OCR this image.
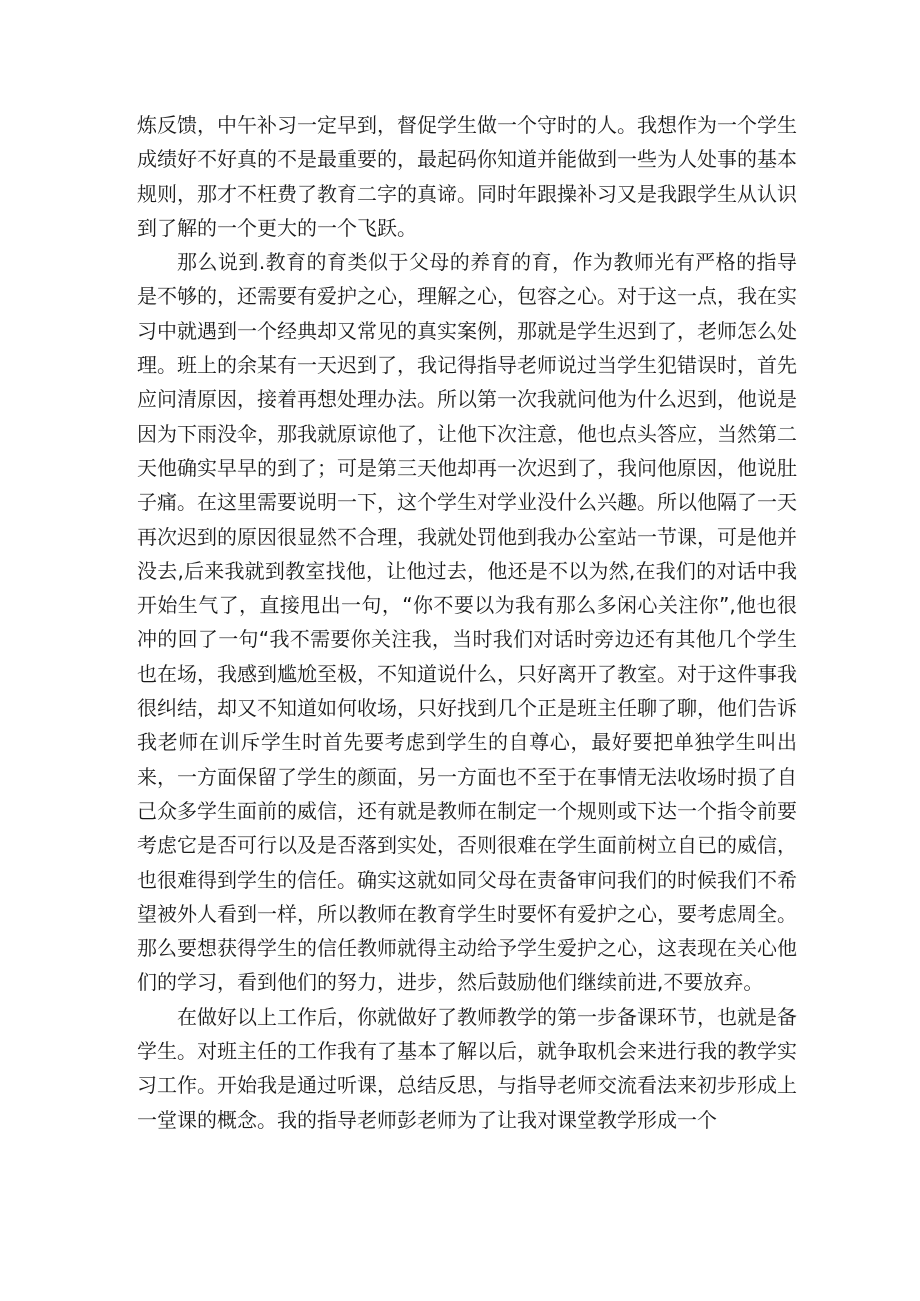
炼反馈，中午补习一定早到，督促学生做一个守时的人。我想作为一个学生成绩好不好真的不是最重要的，最起码你知道并能做到一些为人处事的基本规则，那才不枉费了教育二字的真谛。同时年跟操补习又是我跟学生从认识到了解的一个更大的一个飞跃。

那么说到.教育的育类似于父母的养育的育，作为教师光有严格的指导是不够的，还需要有爱护之心，理解之心，包容之心。对于这一点，我在实习中就遇到一个经典却又常见的真实案例，那就是学生迟到了，老师怎么处理。班上的余某有一天迟到了，我记得指导老师说过当学生犯错误时，首先应问清原因，接着再想处理办法。所以第一次我就问他为什么迟到，他说是因为下雨没伞，那我就原谅他了，让他下次注意，他也点头答应，当然第二天他确实早早的到了；可是第三天他却再一次迟到了，我问他原因，他说肚子痛。在这里需要说明一下，这个学生对学业没什么兴趣。所以他隔了一天再次迟到的原因很显然不合理，我就处罚他到我办公室站一节课，可是他并没去,后来我就到教室找他，让他过去，他还是不以为然,在我们的对话中我开始生气了，直接甩出一句，“你不要以为我有那么多闲心关注你”,他也很冲的回了一句“我不需要你关注我，当时我们对话时旁边还有其他几个学生也在场，我感到尴尬至极，不知道说什么，只好离开了教室。对于这件事我很纠结，却又不知道如何收场，只好找到几个正是班主任聊了聊，他们告诉我老师在训斥学生时首先要考虑到学生的自尊心，最好要把单独学生叫出来，一方面保留了学生的颜面，另一方面也不至于在事情无法收场时损了自己众多学生面前的威信，还有就是教师在制定一个规则或下达一个指令前要考虑它是否可行以及是否落到实处，否则很难在学生面前树立自已的威信，也很难得到学生的信任。确实这就如同父母在责备审问我们的时候我们不希望被外人看到一样，所以教师在教育学生时要怀有爱护之心，要考虑周全。那么要想获得学生的信任教师就得主动给予学生爱护之心，这表现在关心他们的学习，看到他们的努力，进步，然后鼓励他们继续前进,不要放弃。

在做好以上工作后，你就做好了教师教学的第一步备课环节，也就是备学生。对班主任的工作我有了基本了解以后，就争取机会来进行我的教学实习工作。开始我是通过听课，总结反思，与指导老师交流看法来初步形成上一堂课的概念。我的指导老师彭老师为了让我对课堂教学形成一个
